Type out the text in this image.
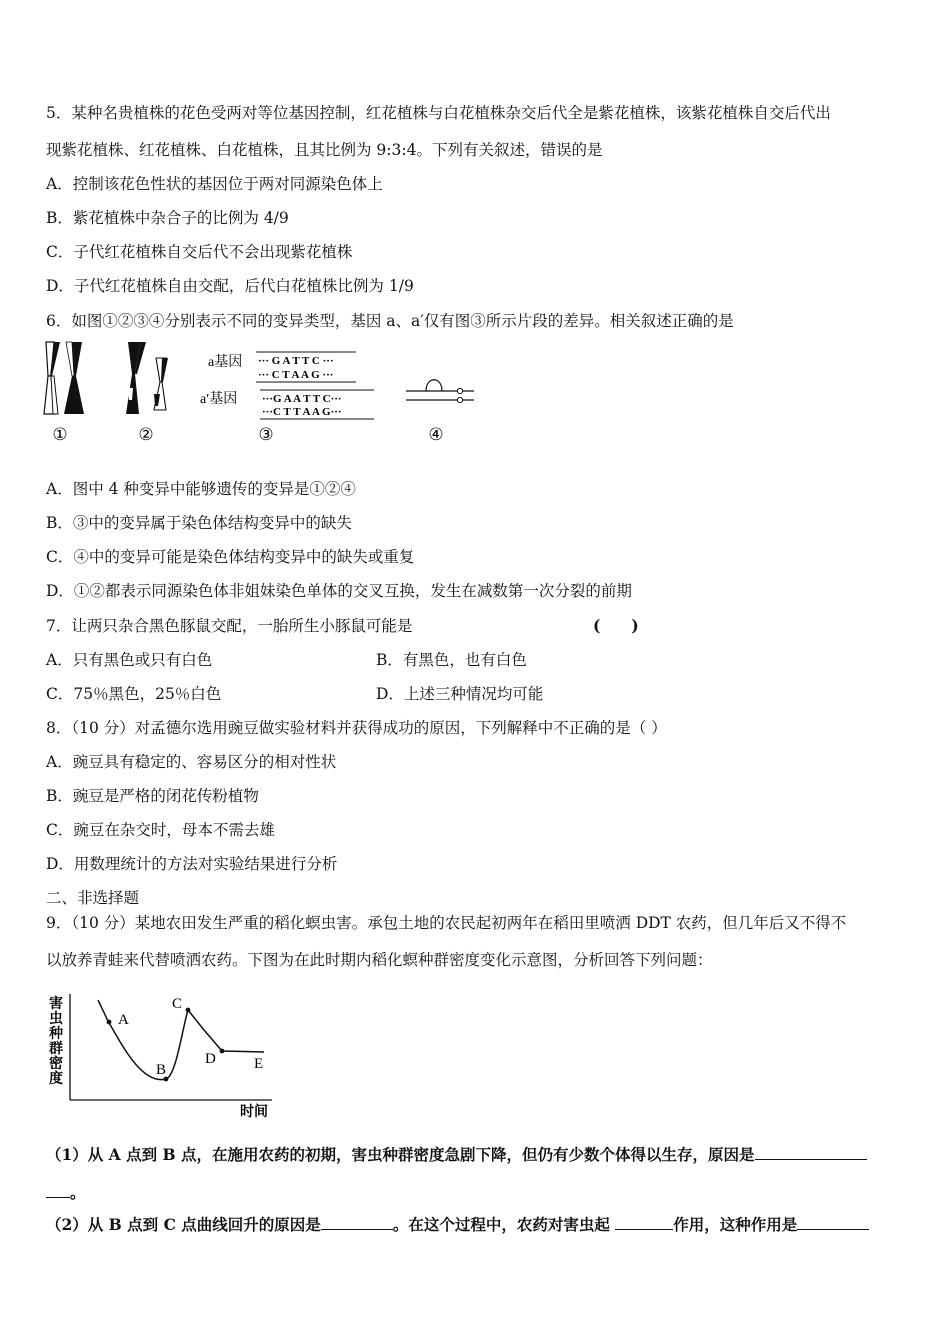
5．某种名贵植株的花色受两对等位基因控制，红花植株与白花植株杂交后代全是紫花植株，该紫花植株自交后代出
现紫花植株、红花植株、白花植株，且其比例为 9:3:4。下列有关叙述，错误的是
A．控制该花色性状的基因位于两对同源染色体上
B．紫花植株中杂合子的比例为 4/9
C．子代红花植株自交后代不会出现紫花植株
D．子代红花植株自由交配，后代白花植株比例为 1/9
6．如图①②③④分别表示不同的变异类型，基因 a、a′仅有图③所示片段的差异。相关叙述正确的是
①	②
a基因 ··· G A T T C ···
··· C T A A G ···
a′基因 ···G A A T T C···
···C T T A A G···
③	④
A．图中 4 种变异中能够遗传的变异是①②④
B．③中的变异属于染色体结构变异中的缺失
C．④中的变异可能是染色体结构变异中的缺失或重复
D．①②都表示同源染色体非姐妹染色单体的交叉互换，发生在减数第一次分裂的前期
7．让两只杂合黑色豚鼠交配，一胎所生小豚鼠可能是	(　　)
A．只有黑色或只有白色	B．有黑色，也有白色
C．75％黑色，25％白色	D．上述三种情况均可能
8．（10 分）对孟德尔选用豌豆做实验材料并获得成功的原因，下列解释中不正确的是（ ）
A．豌豆具有稳定的、容易区分的相对性状
B．豌豆是严格的闭花传粉植物
C．豌豆在杂交时，母本不需去雄
D．用数理统计的方法对实验结果进行分析
二、非选择题
9．（10 分）某地农田发生严重的稻化螟虫害。承包土地的农民起初两年在稻田里喷洒 DDT 农药，但几年后又不得不
以放养青蛙来代替喷洒农药。下图为在此时期内稻化螟种群密度变化示意图，分析回答下列问题：
害
虫
种
群
密
度
A
B
C
D	E
时间
（1）从 A 点到 B 点，在施用农药的初期，害虫种群密度急剧下降，但仍有少数个体得以生存，原因是
。
（2）从 B 点到 C 点曲线回升的原因是	。在这个过程中，农药对害虫起	作用，这种作用是
